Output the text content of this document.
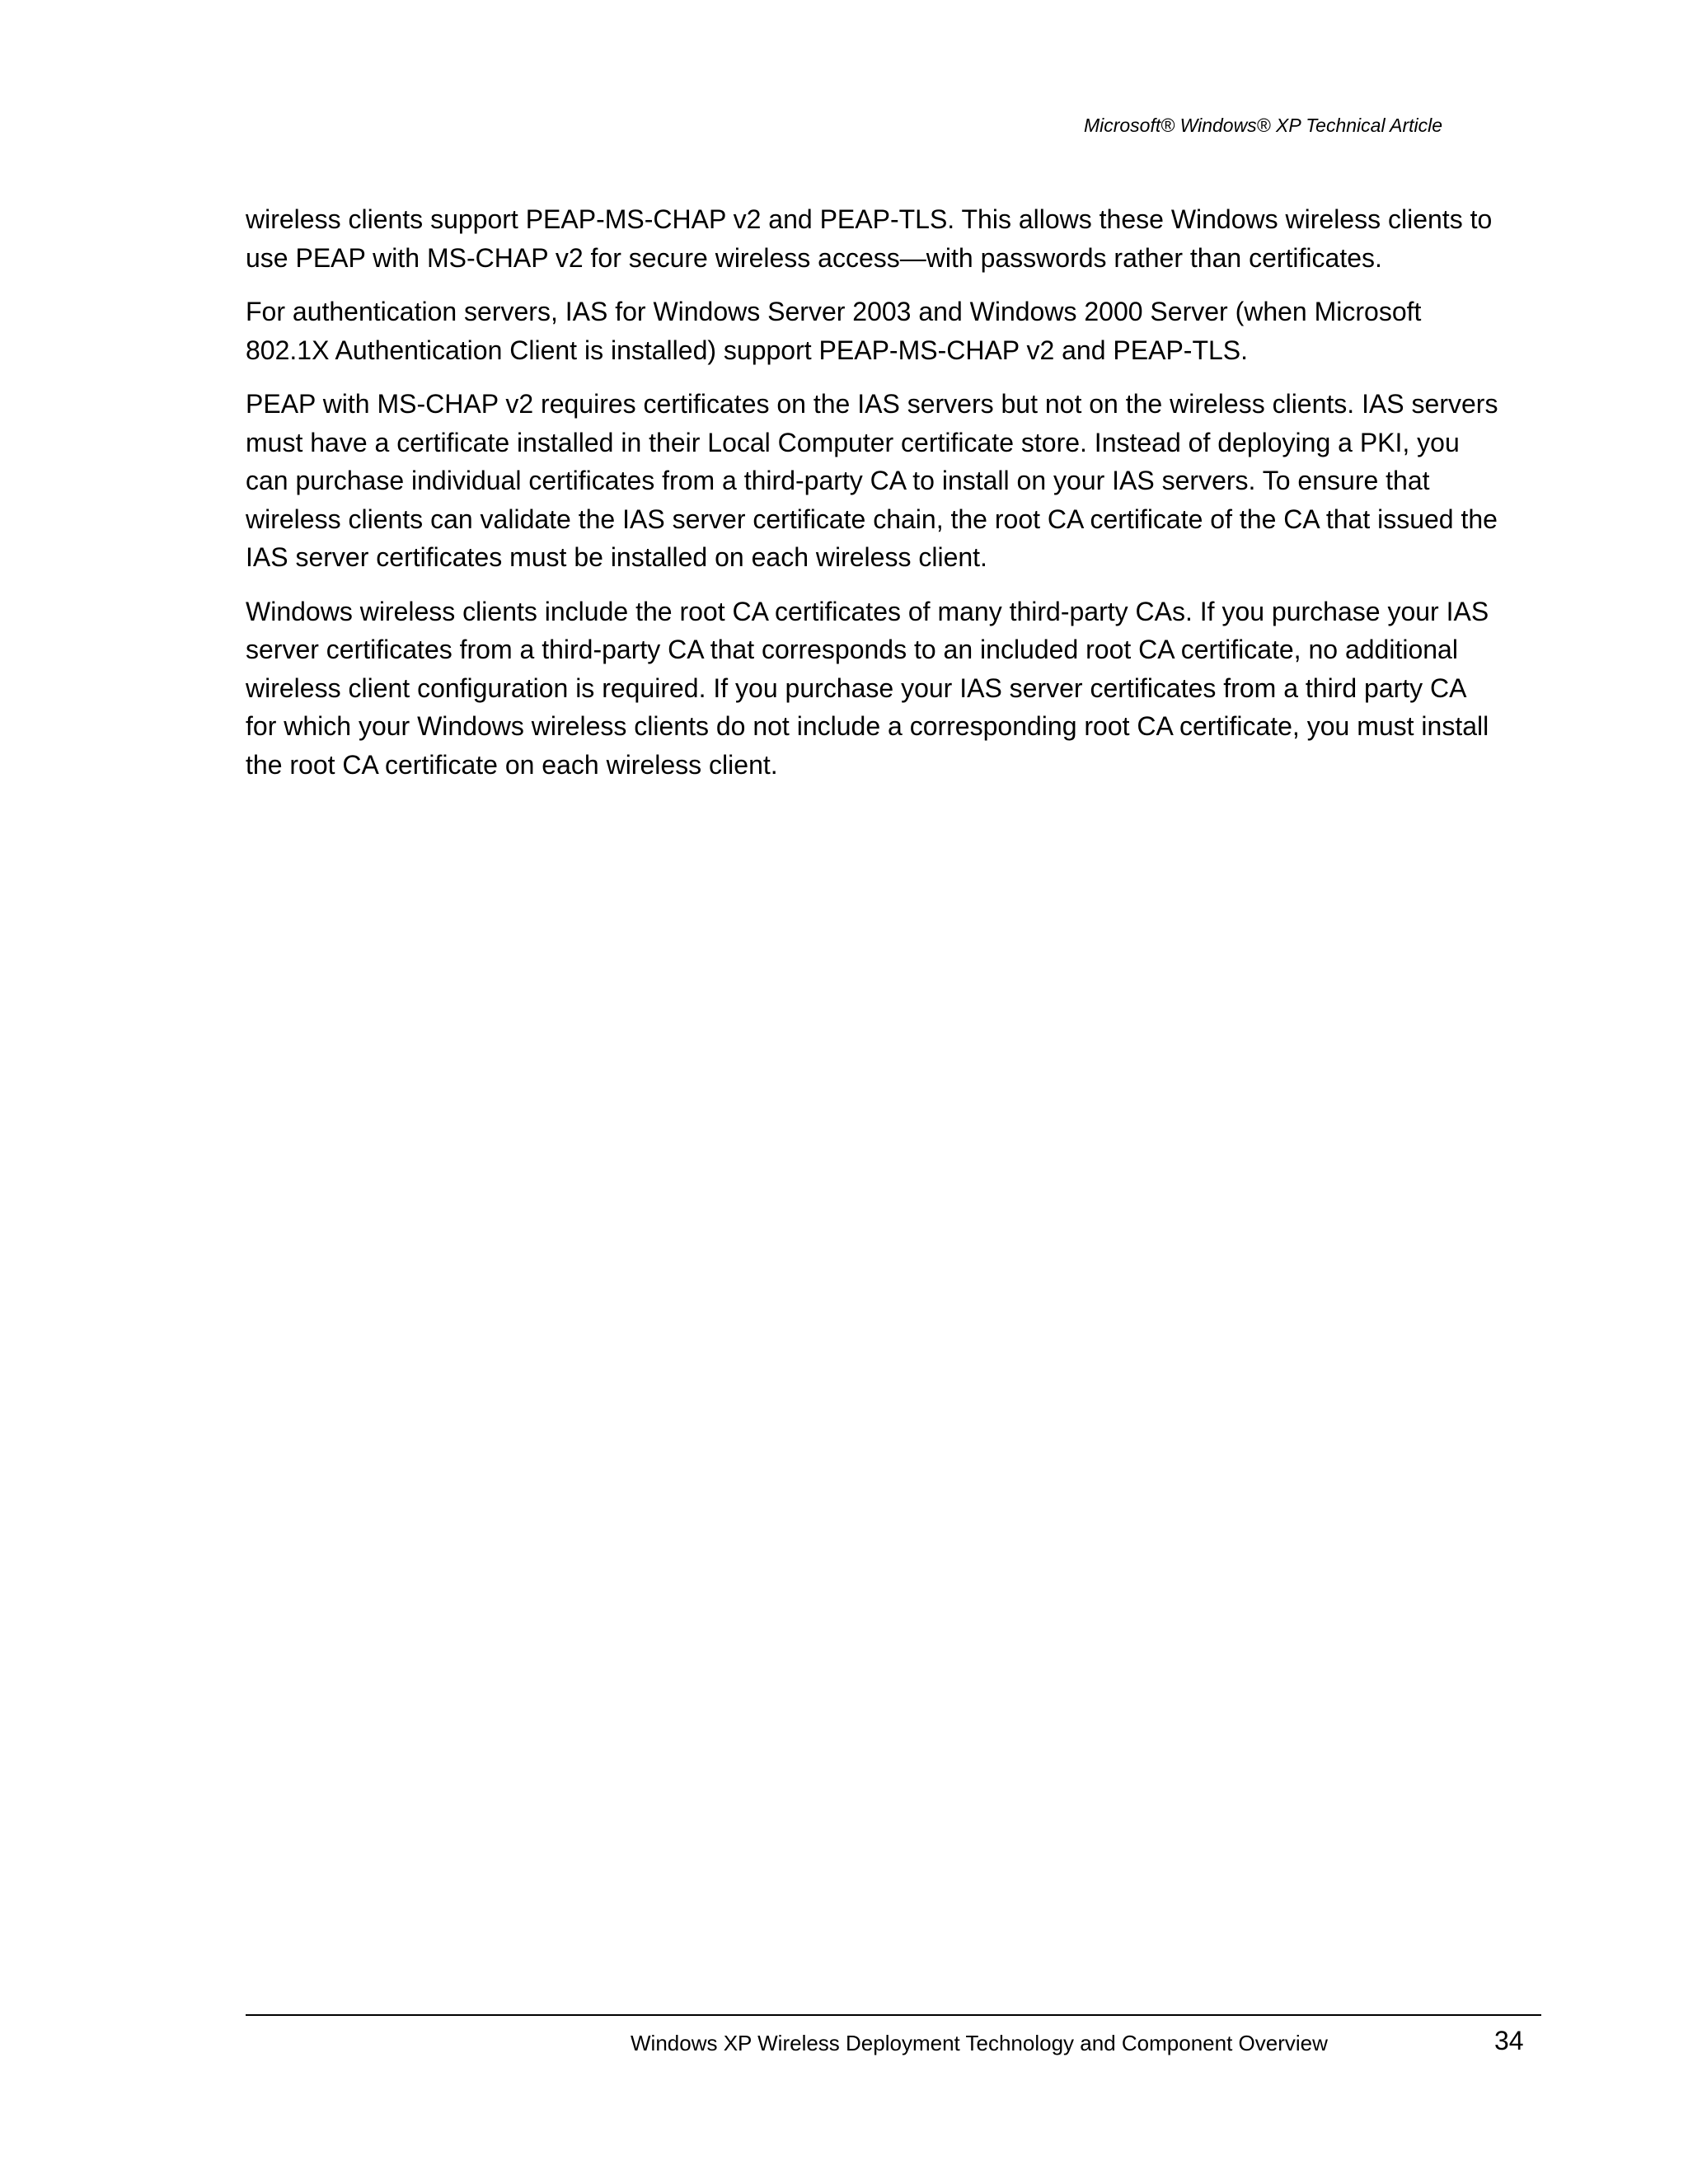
Microsoft® Windows® XP Technical Article

wireless clients support PEAP-MS-CHAP v2 and PEAP-TLS. This allows these Windows wireless clients to use PEAP with MS-CHAP v2 for secure wireless access—with passwords rather than certificates.

For authentication servers, IAS for Windows Server 2003 and Windows 2000 Server (when Microsoft 802.1X Authentication Client is installed) support PEAP-MS-CHAP v2 and PEAP-TLS.

PEAP with MS-CHAP v2 requires certificates on the IAS servers but not on the wireless clients. IAS servers must have a certificate installed in their Local Computer certificate store. Instead of deploying a PKI, you can purchase individual certificates from a third-party CA to install on your IAS servers. To ensure that wireless clients can validate the IAS server certificate chain, the root CA certificate of the CA that issued the IAS server certificates must be installed on each wireless client.

Windows wireless clients include the root CA certificates of many third-party CAs. If you purchase your IAS server certificates from a third-party CA that corresponds to an included root CA certificate, no additional wireless client configuration is required. If you purchase your IAS server certificates from a third party CA for which your Windows wireless clients do not include a corresponding root CA certificate, you must install the root CA certificate on each wireless client.

Windows XP Wireless Deployment Technology and Component Overview	34
